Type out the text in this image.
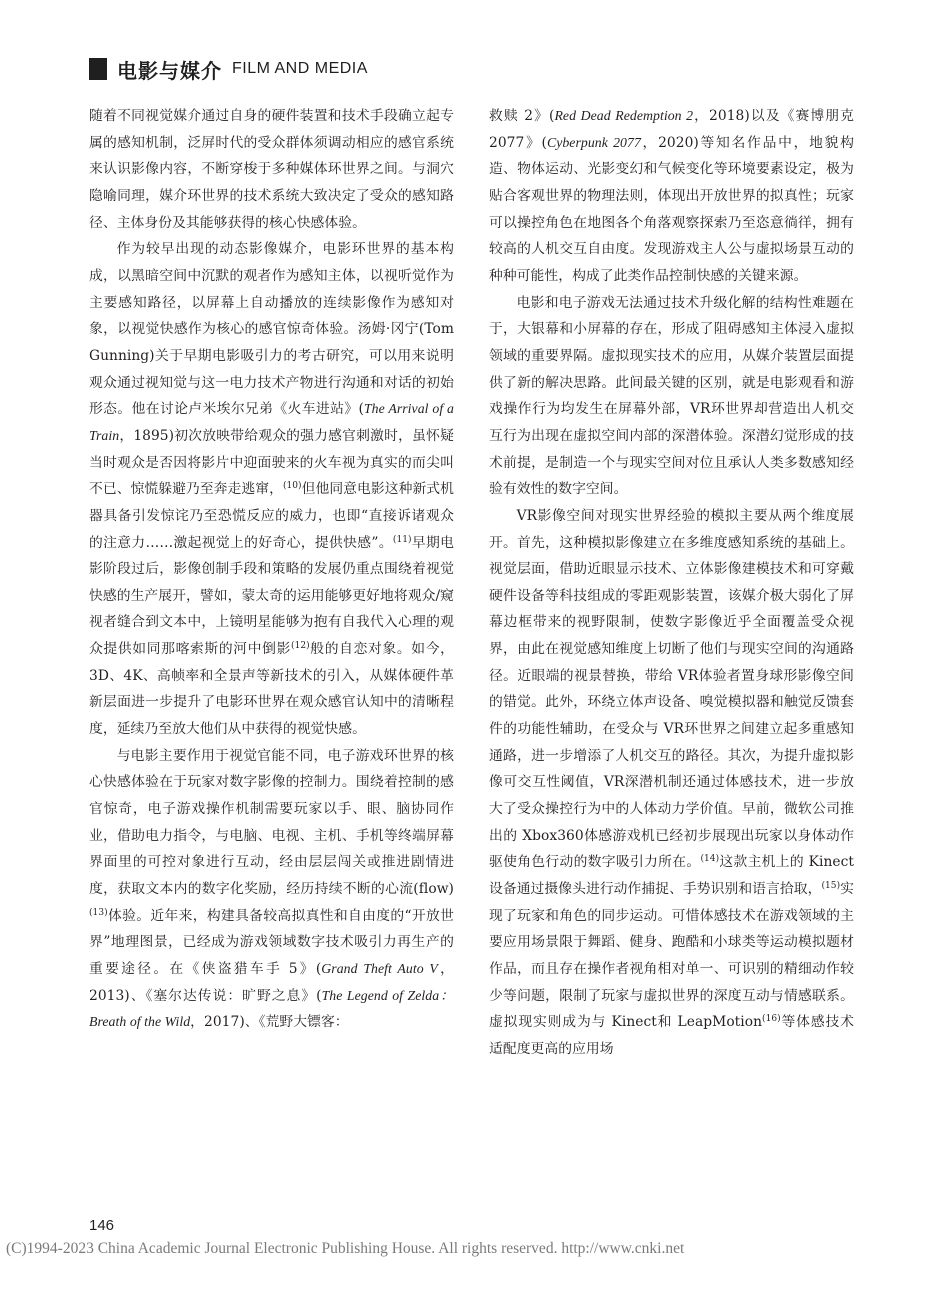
电影与媒介 FILM AND MEDIA

随着不同视觉媒介通过自身的硬件装置和技术手段确立起专属的感知机制，泛屏时代的受众群体须调动相应的感官系统来认识影像内容，不断穿梭于多种媒体环世界之间。与洞穴隐喻同理，媒介环世界的技术系统大致决定了受众的感知路径、主体身份及其能够获得的核心快感体验。

作为较早出现的动态影像媒介，电影环世界的基本构成，以黑暗空间中沉默的观者作为感知主体，以视听觉作为主要感知路径，以屏幕上自动播放的连续影像作为感知对象，以视觉快感作为核心的感官惊奇体验。汤姆·冈宁(Tom Gunning)关于早期电影吸引力的考古研究，可以用来说明观众通过视知觉与这一电力技术产物进行沟通和对话的初始形态。他在讨论卢米埃尔兄弟《火车进站》(The Arrival of a Train，1895)初次放映带给观众的强力感官刺激时，虽怀疑当时观众是否因将影片中迎面驶来的火车视为真实的而尖叫不已、惊慌躲避乃至奔走逃窜，$^{(10)}$但他同意电影这种新式机器具备引发惊诧乃至恐慌反应的威力，也即“直接诉诸观众的注意力……激起视觉上的好奇心，提供快感”。$^{(11)}$早期电影阶段过后，影像创制手段和策略的发展仍重点围绕着视觉快感的生产展开，譬如，蒙太奇的运用能够更好地将观众/窥视者缝合到文本中，上镜明星能够为抱有自我代入心理的观众提供如同那喀索斯的河中倒影$^{(12)}$般的自恋对象。如今，3D、4K、高帧率和全景声等新技术的引入，从媒体硬件革新层面进一步提升了电影环世界在观众感官认知中的清晰程度，延续乃至放大他们从中获得的视觉快感。

与电影主要作用于视觉官能不同，电子游戏环世界的核心快感体验在于玩家对数字影像的控制力。围绕着控制的感官惊奇，电子游戏操作机制需要玩家以手、眼、脑协同作业，借助电力指令，与电脑、电视、主机、手机等终端屏幕界面里的可控对象进行互动，经由层层闯关或推进剧情进度，获取文本内的数字化奖励，经历持续不断的心流(flow)$^{(13)}$体验。近年来，构建具备较高拟真性和自由度的“开放世界”地理图景，已经成为游戏领域数字技术吸引力再生产的重要途径。在《侠盗猎车手 5》(Grand Theft Auto V，2013)、《塞尔达传说：旷野之息》(The Legend of Zelda：Breath of the Wild，2017)、《荒野大镖客：

救赎 2》(Red Dead Redemption 2，2018)以及《赛博朋克 2077》(Cyberpunk 2077，2020)等知名作品中，地貌构造、物体运动、光影变幻和气候变化等环境要素设定，极为贴合客观世界的物理法则，体现出开放世界的拟真性；玩家可以操控角色在地图各个角落观察探索乃至恣意徜徉，拥有较高的人机交互自由度。发现游戏主人公与虚拟场景互动的种种可能性，构成了此类作品控制快感的关键来源。

电影和电子游戏无法通过技术升级化解的结构性难题在于，大银幕和小屏幕的存在，形成了阻碍感知主体浸入虚拟领域的重要界隔。虚拟现实技术的应用，从媒介装置层面提供了新的解决思路。此间最关键的区别，就是电影观看和游戏操作行为均发生在屏幕外部，VR环世界却营造出人机交互行为出现在虚拟空间内部的深潜体验。深潜幻觉形成的技术前提，是制造一个与现实空间对位且承认人类多数感知经验有效性的数字空间。

VR影像空间对现实世界经验的模拟主要从两个维度展开。首先，这种模拟影像建立在多维度感知系统的基础上。视觉层面，借助近眼显示技术、立体影像建模技术和可穿戴硬件设备等科技组成的零距观影装置，该媒介极大弱化了屏幕边框带来的视野限制，使数字影像近乎全面覆盖受众视界，由此在视觉感知维度上切断了他们与现实空间的沟通路径。近眼端的视景替换，带给 VR体验者置身球形影像空间的错觉。此外，环绕立体声设备、嗅觉模拟器和触觉反馈套件的功能性辅助，在受众与 VR环世界之间建立起多重感知通路，进一步增添了人机交互的路径。其次，为提升虚拟影像可交互性阈值，VR深潜机制还通过体感技术，进一步放大了受众操控行为中的人体动力学价值。早前，微软公司推出的 Xbox360体感游戏机已经初步展现出玩家以身体动作驱使角色行动的数字吸引力所在。$^{(14)}$这款主机上的 Kinect设备通过摄像头进行动作捕捉、手势识别和语言拾取，$^{(15)}$实现了玩家和角色的同步运动。可惜体感技术在游戏领域的主要应用场景限于舞蹈、健身、跑酷和小球类等运动模拟题材作品，而且存在操作者视角相对单一、可识别的精细动作较少等问题，限制了玩家与虚拟世界的深度互动与情感联系。虚拟现实则成为与 Kinect和 LeapMotion$^{(16)}$等体感技术适配度更高的应用场

146
(C)1994-2023 China Academic Journal Electronic Publishing House. All rights reserved. http://www.cnki.net
